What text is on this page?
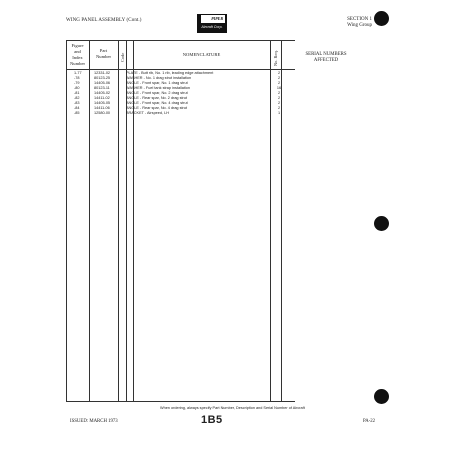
WING PANEL ASSEMBLY (Cont.)	PIPER
Aircraft Corp.
SECTION 1
Wing Group
Figure
and
Index
Number
Part
Number	Code	NOMENCLATURE	No. Req.	SERIAL NUMBERS
AFFECTED
1-77	12331-02	PLATE - Butt rib, No. 1 rib, leading edge attachment	2
-78	80123-25	WASHER - No. 1 drag strut installation	2
-79	14405-06	ANGLE - Front spar, No. 1 drag strut	2
-80	80123-11	WASHER - Fuel tank strap installation	16
-81	14405-02	ANGLE - Front spar, No. 2 drag strut	2
-82	14411-02	ANGLE - Rear spar, No. 2 drag strut	2
-83	14405-05	ANGLE - Front spar, No. 4 drag strut	2
-84	14411-06	ANGLE - Rear spar, No. 4 drag strut	2
-85	12580-00	BRACKET - Airspeed, LH	1
When ordering, always specify Part Number, Description and Serial Number of Aircraft
ISSUED: MARCH 1973	1B5	PA-22
